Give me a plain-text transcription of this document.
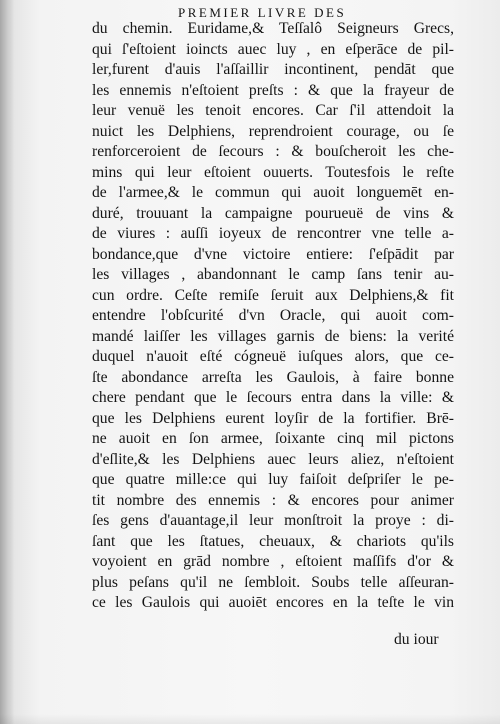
PREMIER LIVRE DES
du chemin. Euridame,& Teſſalô Seigneurs Grecs,
qui ſ'eſtoient ioincts auec luy , en eſperāce de pil-
ler,furent d'auis l'aſſaillir incontinent, pendāt que
les ennemis n'eſtoient preſts : & que la frayeur de
leur venuë les tenoit encores. Car ſ'il attendoit la
nuict les Delphiens, reprendroient courage, ou ſe
renforceroient de ſecours : & bouſcheroit les che-
mins qui leur eſtoient ouuerts. Toutesfois le reſte
de l'armee,& le commun qui auoit longuemēt en-
duré, trouuant la campaigne pourueuë de vins &
de viures : auſſi ioyeux de rencontrer vne telle a-
bondance,que d'vne victoire entiere: ſ'eſpādit par
les villages , abandonnant le camp ſans tenir au-
cun ordre. Ceſte remiſe ſeruit aux Delphiens,& fit
entendre l'obſcurité d'vn Oracle, qui auoit com-
mandé laiſſer les villages garnis de biens: la verité
duquel n'auoit eſté cógneuë iuſques alors, que ce-
ſte abondance arreſta les Gaulois, à faire bonne
chere pendant que le ſecours entra dans la ville: &
que les Delphiens eurent loyſir de la fortifier. Brē-
ne auoit en ſon armee, ſoixante cinq mil pictons
d'eſlite,& les Delphiens auec leurs aliez, n'eſtoient
que quatre mille:ce qui luy faiſoit deſpriſer le pe-
tit nombre des ennemis : & encores pour animer
ſes gens d'auantage,il leur monſtroit la proye : di-
ſant que les ſtatues, cheuaux, & chariots qu'ils
voyoient en grād nombre , eſtoient maſſifs d'or &
plus peſans qu'il ne ſembloit. Soubs telle aſſeuran-
ce les Gaulois qui auoiēt encores en la teſte le vin
du iour
